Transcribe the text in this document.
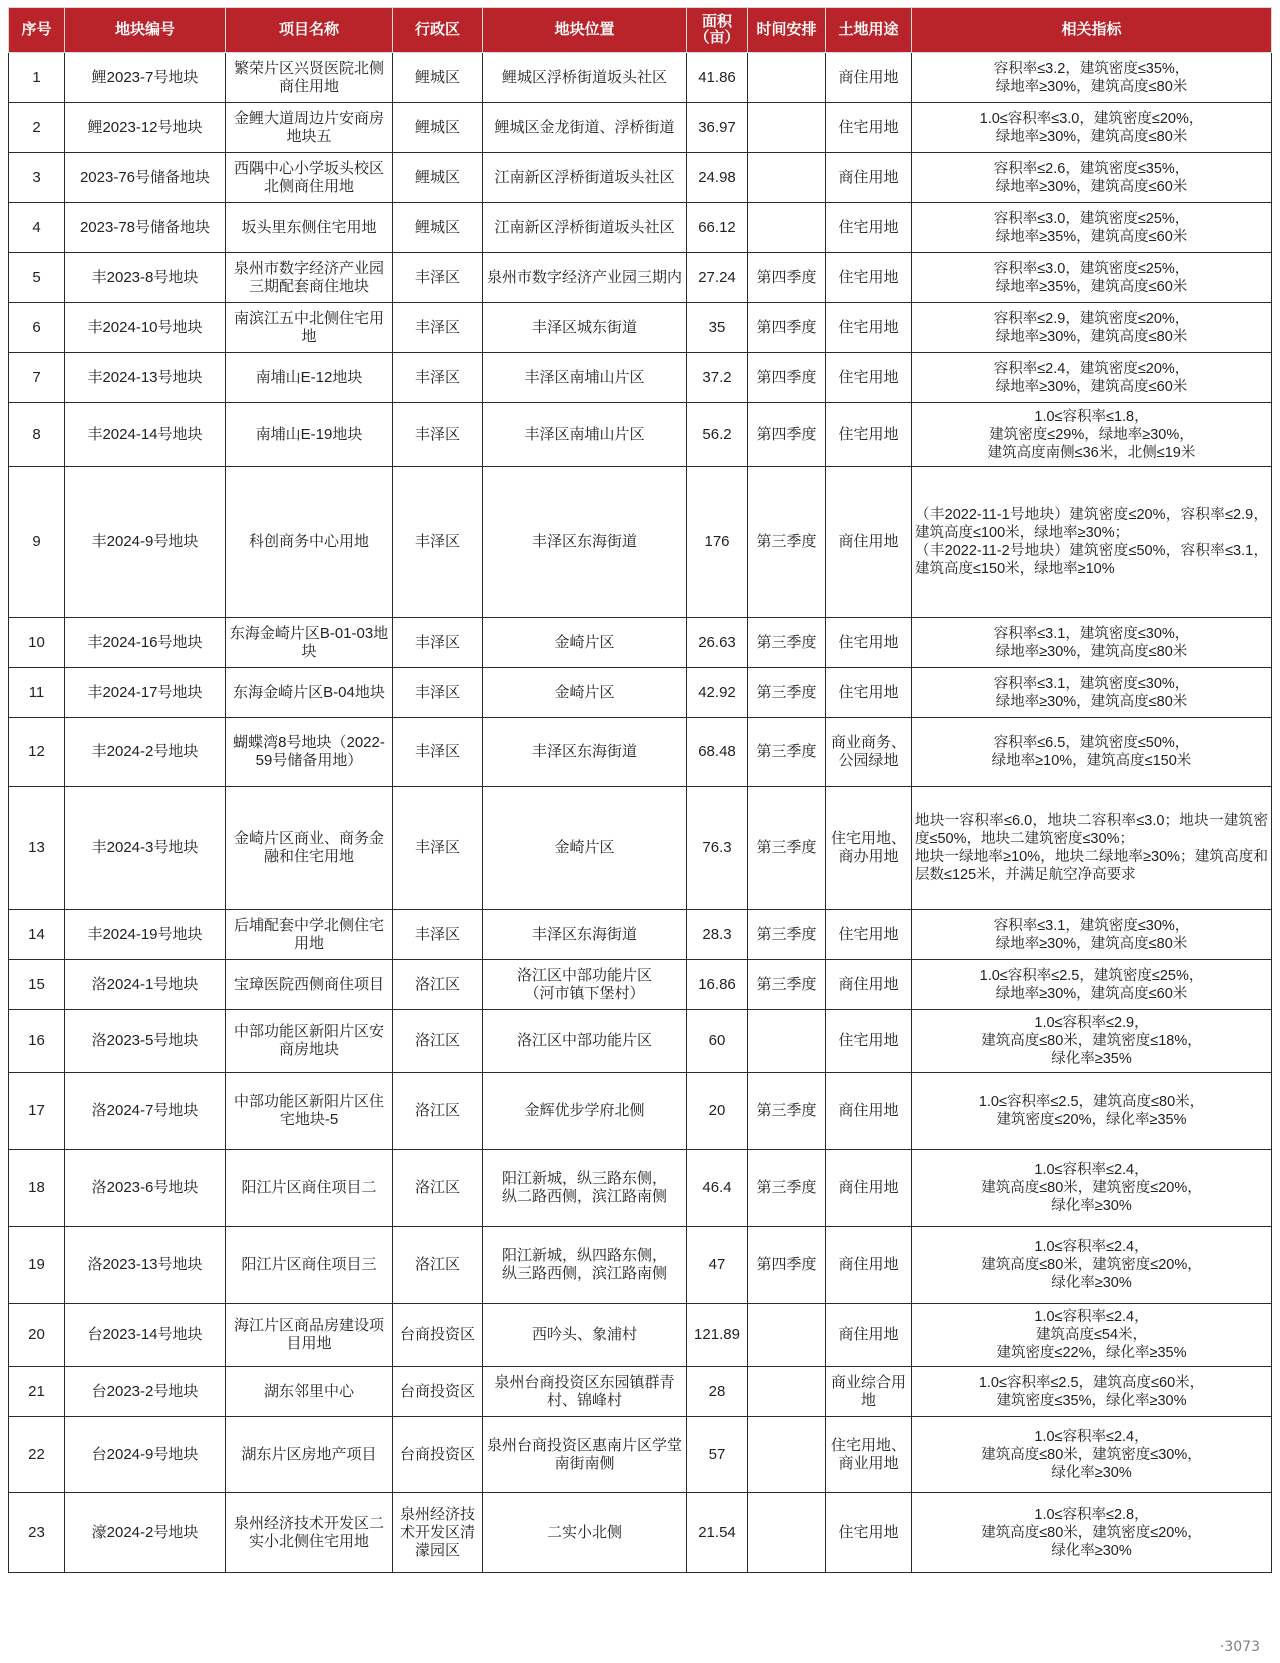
序号	地块编号	项目名称	行政区	地块位置	面积
（亩）	时间安排	土地用途	相关指标
1	鲤2023-7号地块	繁荣片区兴贤医院北侧商住用地	鲤城区	鲤城区浮桥街道坂头社区	41.86		商住用地	容积率≤3.2，建筑密度≤35%，
绿地率≥30%，建筑高度≤80米
2	鲤2023-12号地块	金鲤大道周边片安商房地块五	鲤城区	鲤城区金龙街道、浮桥街道	36.97		住宅用地	1.0≤容积率≤3.0，建筑密度≤20%，
绿地率≥30%，建筑高度≤80米
3	2023-76号储备地块	西隅中心小学坂头校区北侧商住用地	鲤城区	江南新区浮桥街道坂头社区	24.98		商住用地	容积率≤2.6，建筑密度≤35%，
绿地率≥30%，建筑高度≤60米
4	2023-78号储备地块	坂头里东侧住宅用地	鲤城区	江南新区浮桥街道坂头社区	66.12		住宅用地	容积率≤3.0，建筑密度≤25%，
绿地率≥35%，建筑高度≤60米
5	丰2023-8号地块	泉州市数字经济产业园三期配套商住地块	丰泽区	泉州市数字经济产业园三期内	27.24	第四季度	住宅用地	容积率≤3.0，建筑密度≤25%，
绿地率≥35%，建筑高度≤60米
6	丰2024-10号地块	南滨江五中北侧住宅用地	丰泽区	丰泽区城东街道	35	第四季度	住宅用地	容积率≤2.9，建筑密度≤20%，
绿地率≥30%，建筑高度≤80米
7	丰2024-13号地块	南埔山E-12地块	丰泽区	丰泽区南埔山片区	37.2	第四季度	住宅用地	容积率≤2.4，建筑密度≤20%，
绿地率≥30%，建筑高度≤60米
8	丰2024-14号地块	南埔山E-19地块	丰泽区	丰泽区南埔山片区	56.2	第四季度	住宅用地	1.0≤容积率≤1.8，
建筑密度≤29%，绿地率≥30%，
建筑高度南侧≤36米，北侧≤19米
9	丰2024-9号地块	科创商务中心用地	丰泽区	丰泽区东海街道	176	第三季度	商住用地	（丰2022-11-1号地块）建筑密度≤20%，容积率≤2.9，建筑高度≤100米，绿地率≥30%；
（丰2022-11-2号地块）建筑密度≤50%，容积率≤3.1，建筑高度≤150米，绿地率≥10%
10	丰2024-16号地块	东海金崎片区B-01-03地块	丰泽区	金崎片区	26.63	第三季度	住宅用地	容积率≤3.1，建筑密度≤30%，
绿地率≥30%，建筑高度≤80米
11	丰2024-17号地块	东海金崎片区B-04地块	丰泽区	金崎片区	42.92	第三季度	住宅用地	容积率≤3.1，建筑密度≤30%，
绿地率≥30%，建筑高度≤80米
12	丰2024-2号地块	蝴蝶湾8号地块（2022-59号储备用地）	丰泽区	丰泽区东海街道	68.48	第三季度	商业商务、公园绿地	容积率≤6.5，建筑密度≤50%，
绿地率≥10%，建筑高度≤150米
13	丰2024-3号地块	金崎片区商业、商务金融和住宅用地	丰泽区	金崎片区	76.3	第三季度	住宅用地、商办用地	地块一容积率≤6.0，地块二容积率≤3.0；地块一建筑密度≤50%，地块二建筑密度≤30%；
地块一绿地率≥10%，地块二绿地率≥30%；建筑高度和层数≤125米，并满足航空净高要求
14	丰2024-19号地块	后埔配套中学北侧住宅用地	丰泽区	丰泽区东海街道	28.3	第三季度	住宅用地	容积率≤3.1，建筑密度≤30%，
绿地率≥30%，建筑高度≤80米
15	洛2024-1号地块	宝璋医院西侧商住项目	洛江区	洛江区中部功能片区
（河市镇下堡村）	16.86	第三季度	商住用地	1.0≤容积率≤2.5，建筑密度≤25%，
绿地率≥30%，建筑高度≤60米
16	洛2023-5号地块	中部功能区新阳片区安商房地块	洛江区	洛江区中部功能片区	60		住宅用地	1.0≤容积率≤2.9，
建筑高度≤80米，建筑密度≤18%，
绿化率≥35%
17	洛2024-7号地块	中部功能区新阳片区住宅地块-5	洛江区	金辉优步学府北侧	20	第三季度	商住用地	1.0≤容积率≤2.5，建筑高度≤80米，
建筑密度≤20%，绿化率≥35%
18	洛2023-6号地块	阳江片区商住项目二	洛江区	阳江新城，纵三路东侧，
纵二路西侧，滨江路南侧	46.4	第三季度	商住用地	1.0≤容积率≤2.4，
建筑高度≤80米，建筑密度≤20%，
绿化率≥30%
19	洛2023-13号地块	阳江片区商住项目三	洛江区	阳江新城，纵四路东侧，
纵三路西侧，滨江路南侧	47	第四季度	商住用地	1.0≤容积率≤2.4，
建筑高度≤80米，建筑密度≤20%，
绿化率≥30%
20	台2023-14号地块	海江片区商品房建设项目用地	台商投资区	西吟头、象浦村	121.89		商住用地	1.0≤容积率≤2.4，
建筑高度≤54米，
建筑密度≤22%，绿化率≥35%
21	台2023-2号地块	湖东邻里中心	台商投资区	泉州台商投资区东园镇群青村、锦峰村	28		商业综合用地	1.0≤容积率≤2.5，建筑高度≤60米，
建筑密度≤35%，绿化率≥30%
22	台2024-9号地块	湖东片区房地产项目	台商投资区	泉州台商投资区惠南片区学堂南街南侧	57		住宅用地、商业用地	1.0≤容积率≤2.4，
建筑高度≤80米，建筑密度≤30%，
绿化率≥30%
23	濠2024-2号地块	泉州经济技术开发区二实小北侧住宅用地	泉州经济技术开发区清濛园区	二实小北侧	21.54		住宅用地	1.0≤容积率≤2.8，
建筑高度≤80米，建筑密度≤20%，
绿化率≥30%
·3073
